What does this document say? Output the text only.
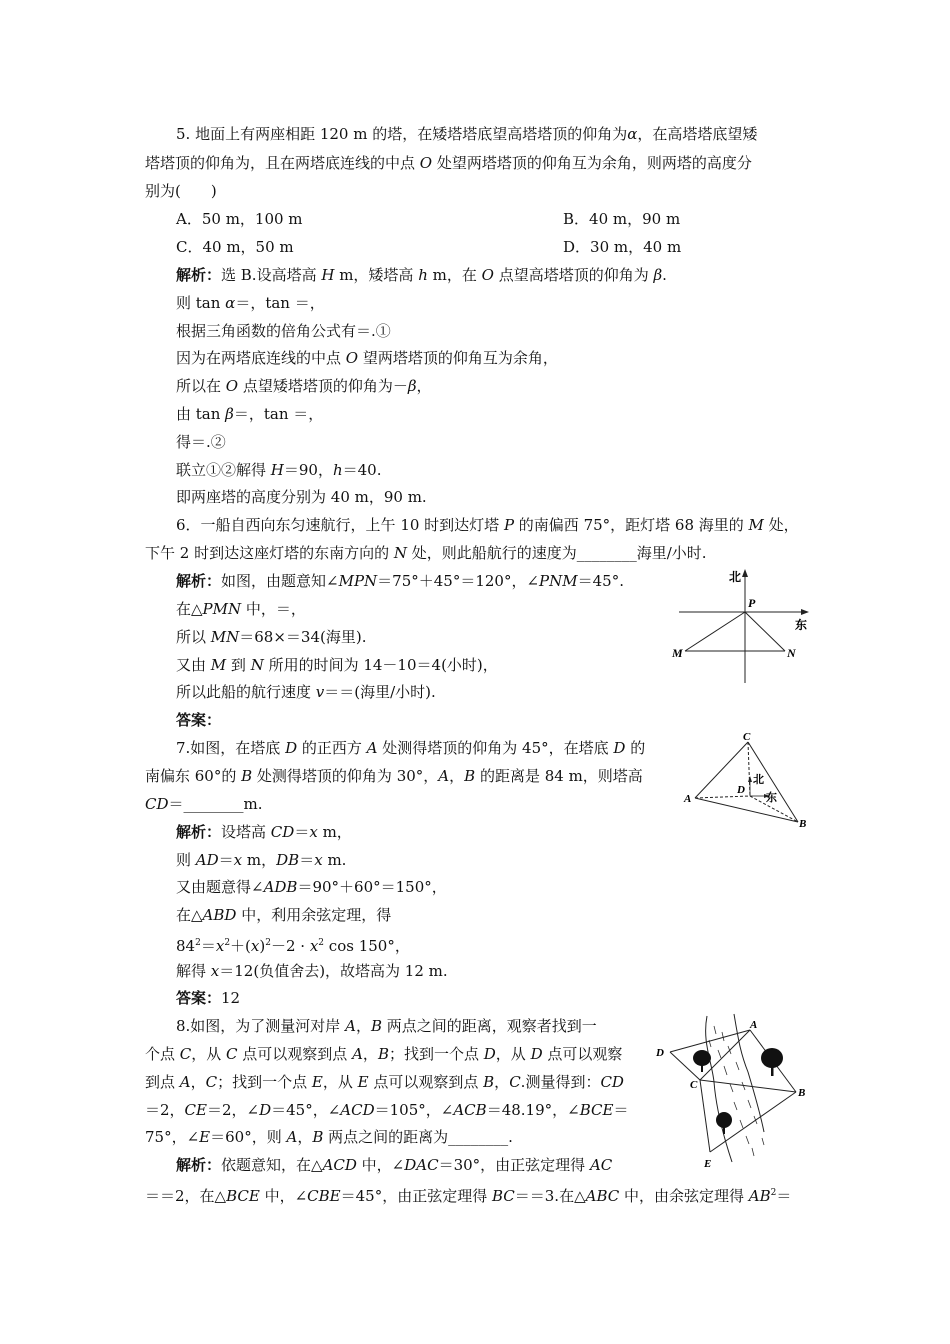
5. 地面上有两座相距 120 m 的塔，在矮塔塔底望高塔塔顶的仰角为α，在高塔塔底望矮
塔塔顶的仰角为，且在两塔底连线的中点 O 处望两塔塔顶的仰角互为余角，则两塔的高度分
别为(　　)
A．50 m，100 m	B．40 m，90 m
C．40 m，50 m	D．30 m，40 m
解析：选 B.设高塔高 H m，矮塔高 h m，在 O 点望高塔塔顶的仰角为 β.
则 tan α＝，tan ＝，
根据三角函数的倍角公式有＝.①
因为在两塔底连线的中点 O 望两塔塔顶的仰角互为余角，
所以在 O 点望矮塔塔顶的仰角为－β，
由 tan β＝，tan ＝，
得＝.②
联立①②解得 H＝90，h＝40.
即两座塔的高度分别为 40 m，90 m.
6．一船自西向东匀速航行，上午 10 时到达灯塔 P 的南偏西 75°，距灯塔 68 海里的 M 处，
下午 2 时到达这座灯塔的东南方向的 N 处，则此船航行的速度为________海里/小时.
解析：如图，由题意知∠MPN＝75°＋45°＝120°，∠PNM＝45°.
在△PMN 中，＝，
所以 MN＝68×＝34(海里).
又由 M 到 N 所用的时间为 14－10＝4(小时)，
所以此船的航行速度 v＝＝(海里/小时).
答案：
北
东
P
M	N
7.如图，在塔底 D 的正西方 A 处测得塔顶的仰角为 45°，在塔底 D 的
南偏东 60°的 B 处测得塔顶的仰角为 30°，A，B 的距离是 84 m，则塔高
CD＝________m.
解析：设塔高 CD＝x m，
则 AD＝x m，DB＝x m.
又由题意得∠ADB＝90°＋60°＝150°，
在△ABD 中，利用余弦定理，得
$84^2=x^2+(x)^2-2 \cdot x^2$ cos 150°，
解得 x＝12(负值舍去)，故塔高为 12 m.
答案：12
C
A
D
B
北
东
8.如图，为了测量河对岸 A，B 两点之间的距离，观察者找到一
个点 C，从 C 点可以观察到点 A，B；找到一个点 D，从 D 点可以观察
到点 A，C；找到一个点 E，从 E 点可以观察到点 B，C.测量得到：CD
＝2，CE＝2，∠D＝45°，∠ACD＝105°，∠ACB＝48.19°，∠BCE＝
75°，∠E＝60°，则 A，B 两点之间的距离为________.
解析：依题意知，在△ACD 中，∠DAC＝30°，由正弦定理得 AC
＝＝2，在△BCE 中，∠CBE＝45°，由正弦定理得 BC＝＝3.在△ABC 中，由余弦定理得 $AB^2=$
A
D
C
B
E
